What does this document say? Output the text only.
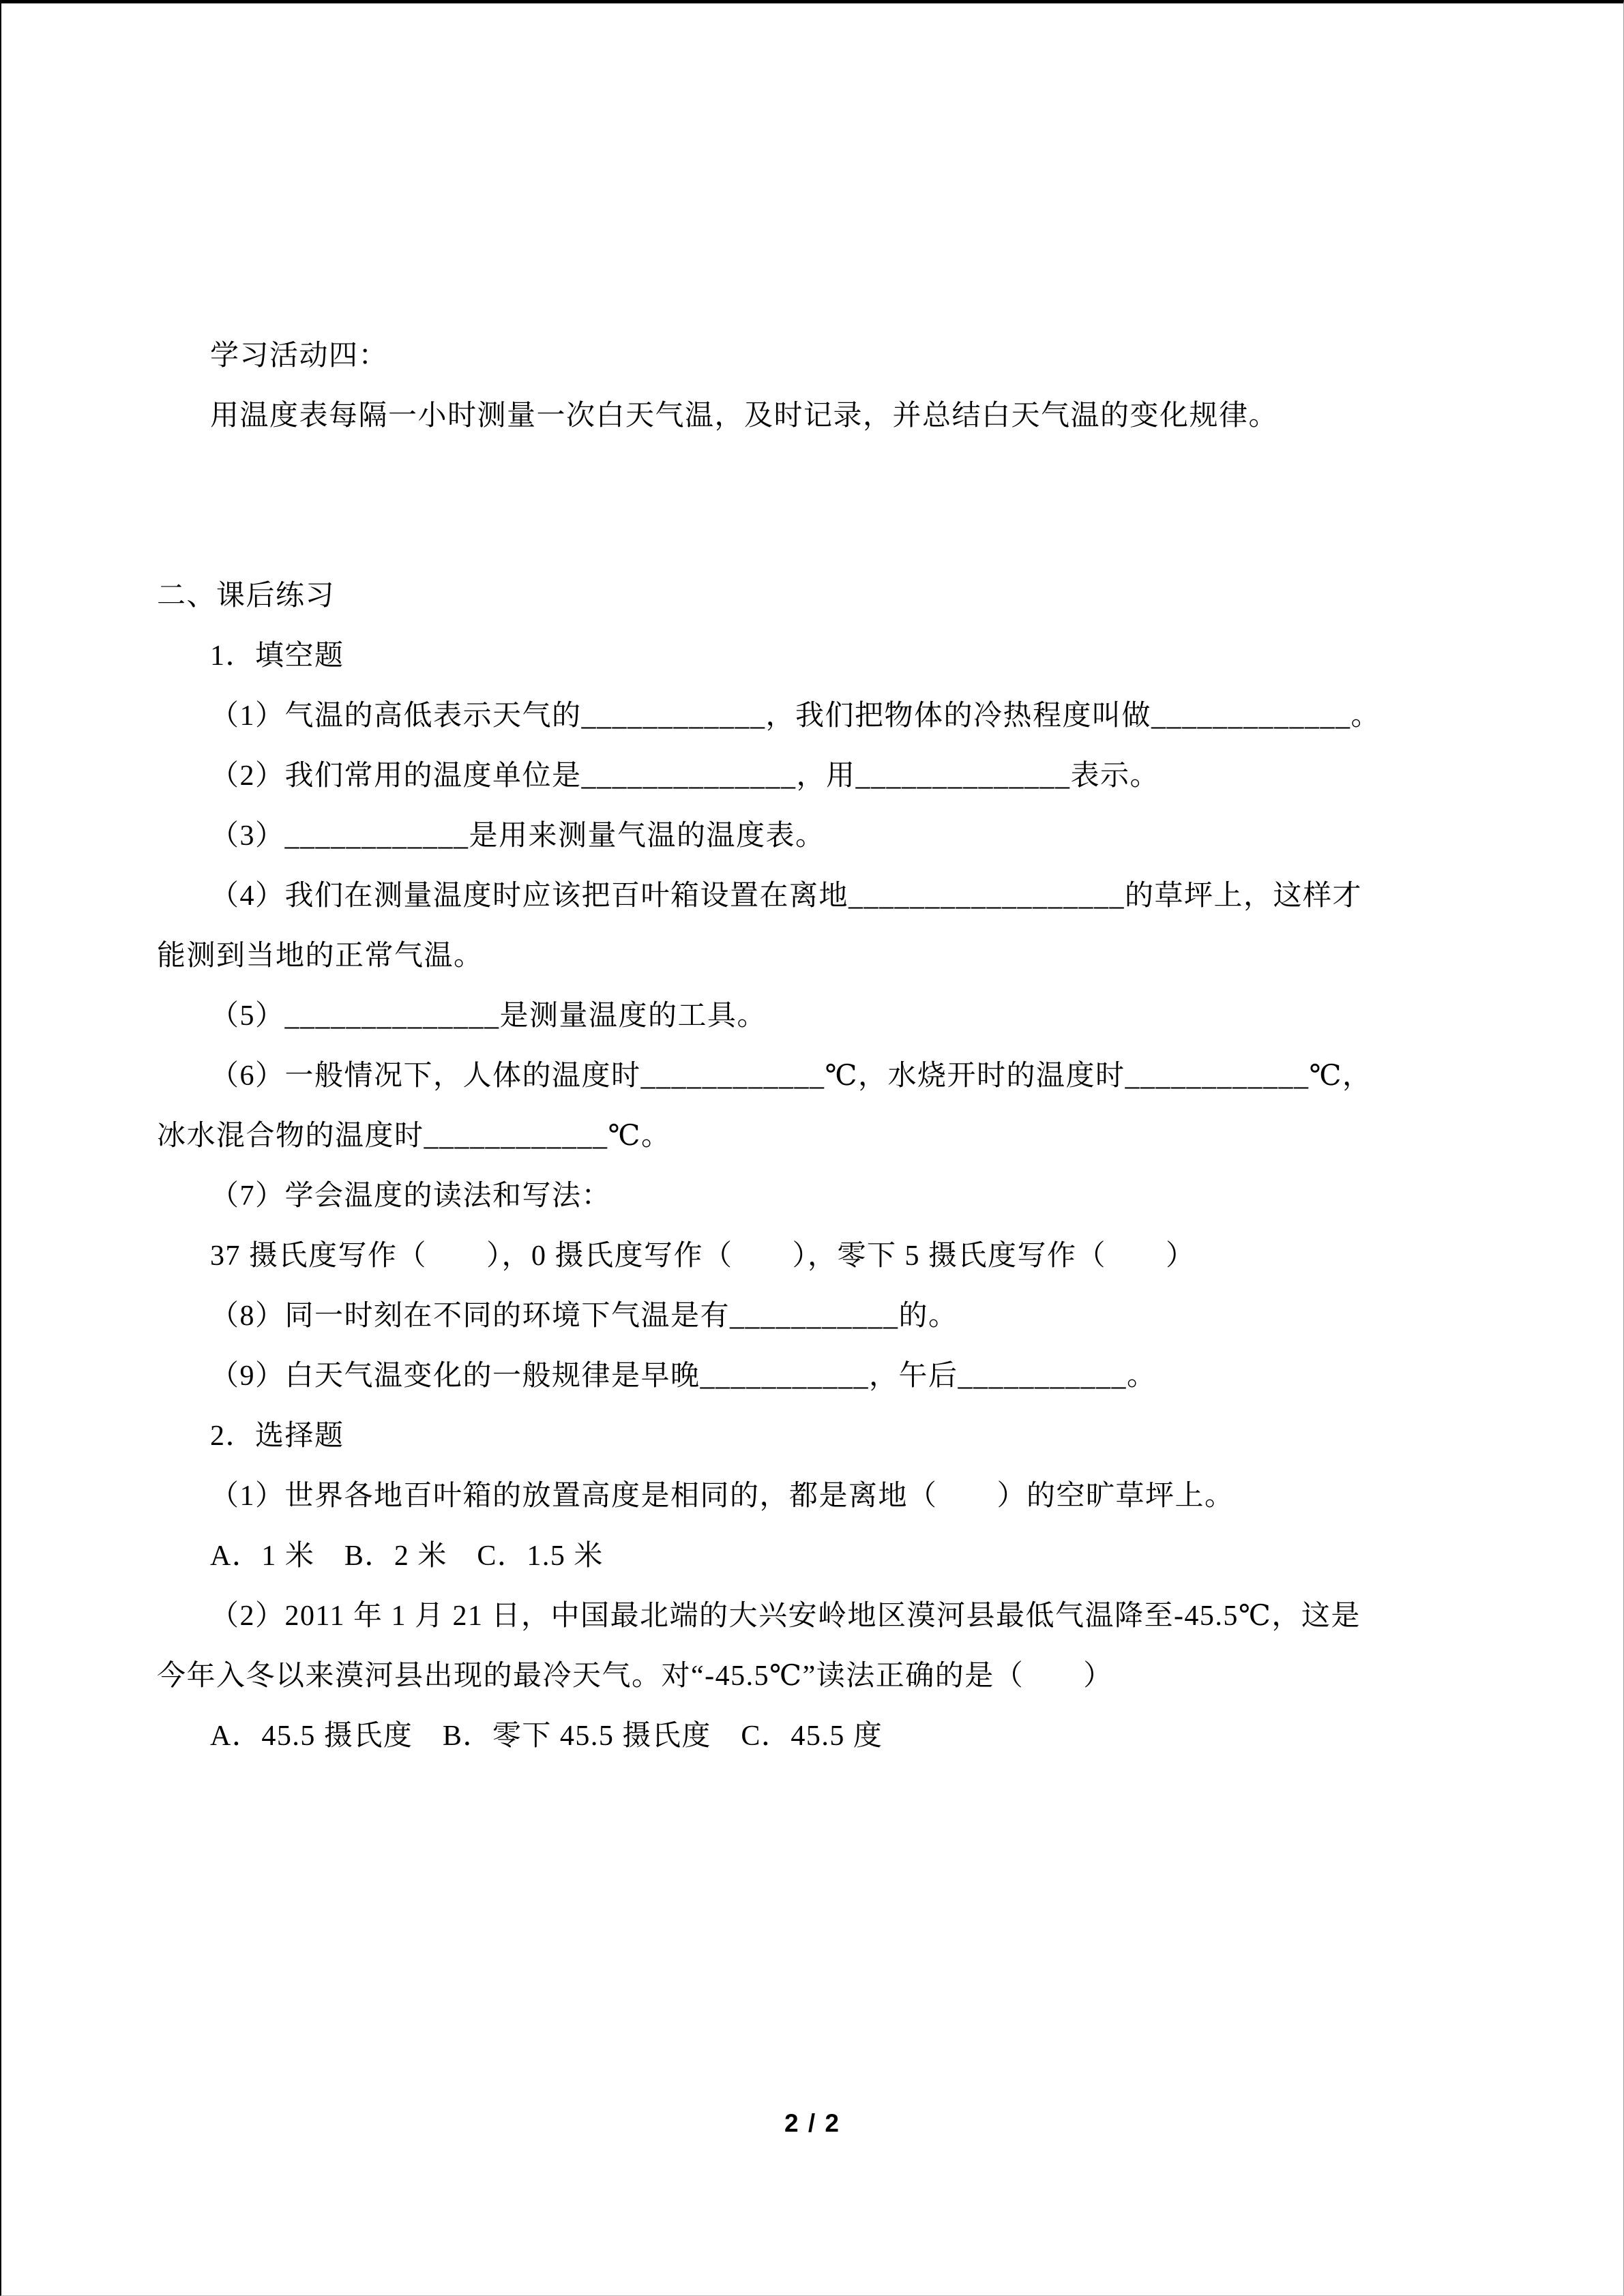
学习活动四：
用温度表每隔一小时测量一次白天气温，及时记录，并总结白天气温的变化规律。
二、课后练习
1．填空题
（1）气温的高低表示天气的____________，我们把物体的冷热程度叫做_____________。
（2）我们常用的温度单位是______________，用______________表示。
（3）____________是用来测量气温的温度表。
（4）我们在测量温度时应该把百叶箱设置在离地__________________的草坪上，这样才
能测到当地的正常气温。
（5）______________是测量温度的工具。
（6）一般情况下，人体的温度时____________℃，水烧开时的温度时____________℃，
冰水混合物的温度时____________℃。
（7）学会温度的读法和写法：
37 摄氏度写作（　　），0 摄氏度写作（　　），零下 5 摄氏度写作（　　）
（8）同一时刻在不同的环境下气温是有___________的。
（9）白天气温变化的一般规律是早晚___________，午后___________。
2．选择题
（1）世界各地百叶箱的放置高度是相同的，都是离地（　　）的空旷草坪上。
A．1 米　B．2 米　C．1.5 米
（2）2011 年 1 月 21 日，中国最北端的大兴安岭地区漠河县最低气温降至-45.5℃，这是
今年入冬以来漠河县出现的最冷天气。对“-45.5℃”读法正确的是（　　）
A．45.5 摄氏度　B．零下 45.5 摄氏度　C．45.5 度
2 / 2
